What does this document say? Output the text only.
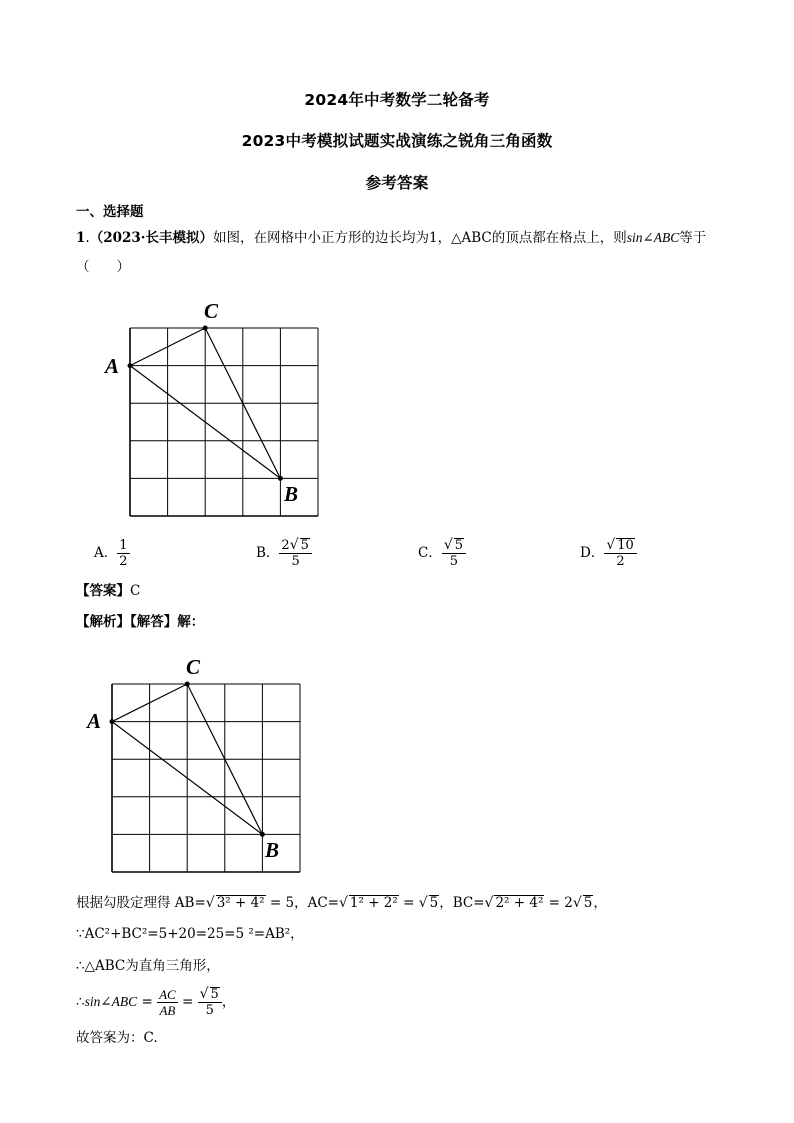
2024年中考数学二轮备考
2023中考模拟试题实战演练之锐角三角函数
参考答案
一、选择题
1.（2023·长丰模拟）如图，在网格中小正方形的边长均为1，△ABC的顶点都在格点上，则sin∠ABC等于
（　　）
A
C
B
A． $\frac{1}{2}$	B． $\frac{2√ 5}{5}$	C． $\frac{√ 5}{5}$	D． $\frac{√ 10}{2}$
【答案】C
【解析】【解答】解：
A
C
B
根据勾股定理得 AB=√ 3² + 4² = 5，AC=√ 1² + 2² = √ 5，BC=√ 2² + 4² = 2√ 5，
∵AC²+BC²=5+20=25=5 ²=AB²，
∴△ABC为直角三角形，
∴sin∠ABC = $\frac{AC}{AB} = \frac{√ 5}{5}$ ，
故答案为：C.
